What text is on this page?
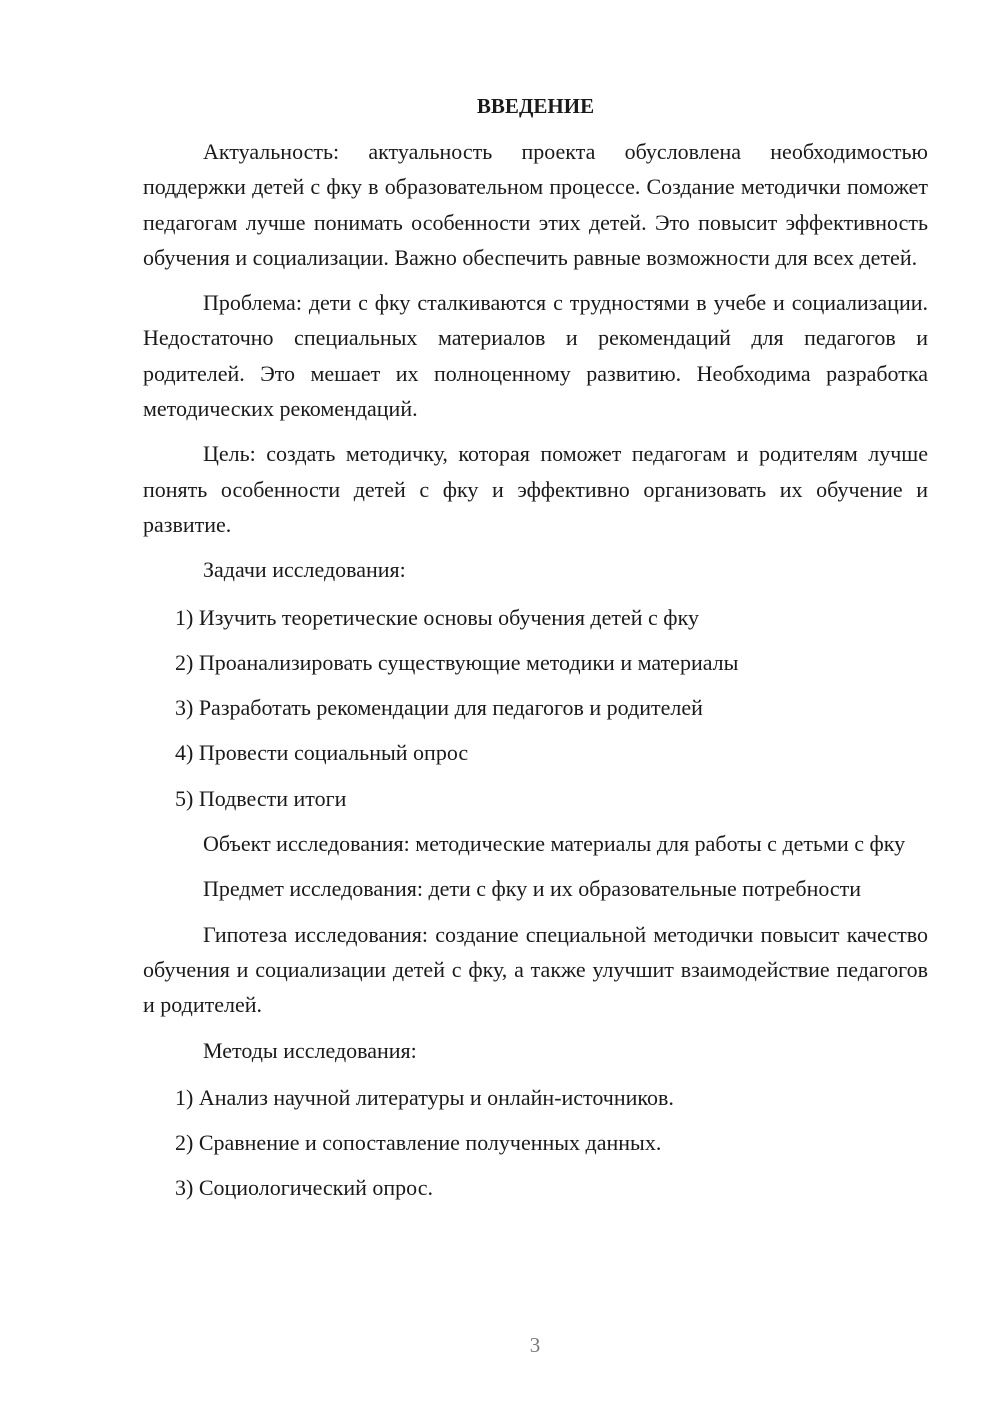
ВВЕДЕНИЕ

Актуальность: актуальность проекта обусловлена необходимостью поддержки детей с фку в образовательном процессе. Создание методички поможет педагогам лучше понимать особенности этих детей. Это повысит эффективность обучения и социализации. Важно обеспечить равные возможности для всех детей.

Проблема: дети с фку сталкиваются с трудностями в учебе и социализации. Недостаточно специальных материалов и рекомендаций для педагогов и родителей. Это мешает их полноценному развитию. Необходима разработка методических рекомендаций.

Цель: создать методичку, которая поможет педагогам и родителям лучше понять особенности детей с фку и эффективно организовать их обучение и развитие.

Задачи исследования:

1) Изучить теоретические основы обучения детей с фку
2) Проанализировать существующие методики и материалы
3) Разработать рекомендации для педагогов и родителей
4) Провести социальный опрос
5) Подвести итоги

Объект исследования: методические материалы для работы с детьми с фку

Предмет исследования: дети с фку и их образовательные потребности

Гипотеза исследования: создание специальной методички повысит качество обучения и социализации детей с фку, а также улучшит взаимодействие педагогов и родителей.

Методы исследования:

1) Анализ научной литературы и онлайн-источников.
2) Сравнение и сопоставление полученных данных.
3) Социологический опрос.
3
